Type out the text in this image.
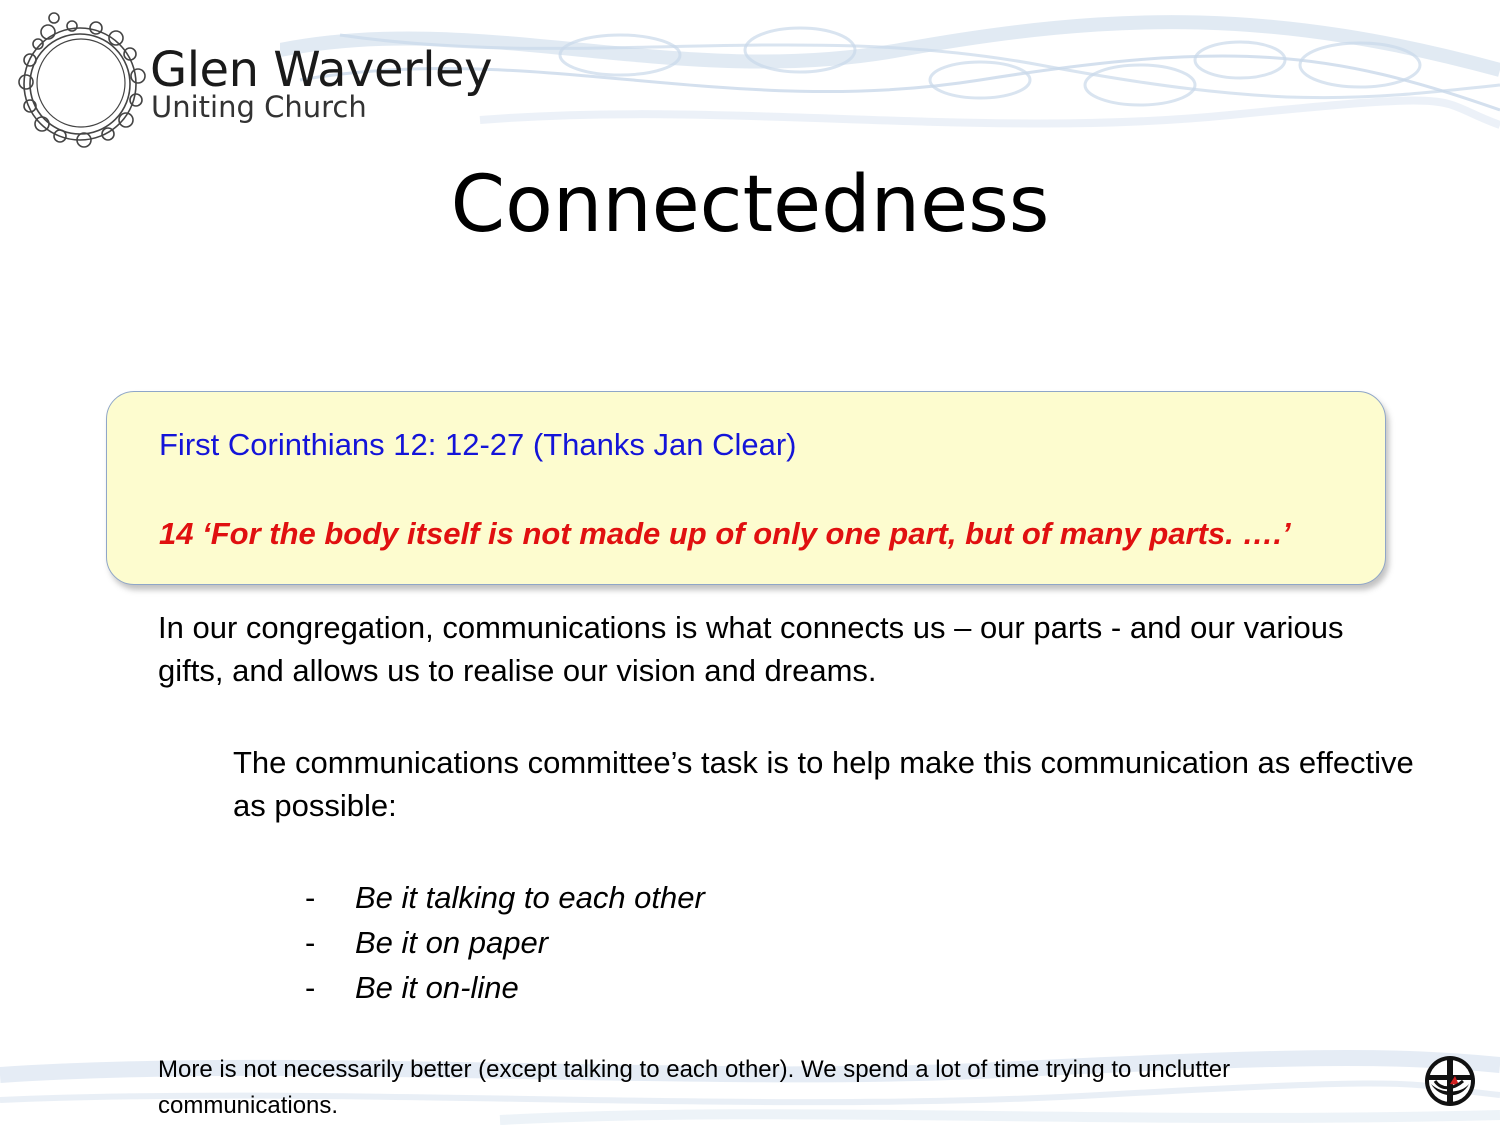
Glen Waverley
Uniting Church
Connectedness
First Corinthians 12: 12-27 (Thanks Jan Clear)
14 ‘For the body itself is not made up of only one part, but of many parts. ….’
In our congregation, communications is what connects us – our parts - and our various gifts, and allows us to realise our vision and dreams.
The communications committee’s task is to help make this communication as effective as possible:
- Be it talking to each other
- Be it on paper
- Be it on-line
More is not necessarily better (except talking to each other). We spend a lot of time trying to unclutter communications.
